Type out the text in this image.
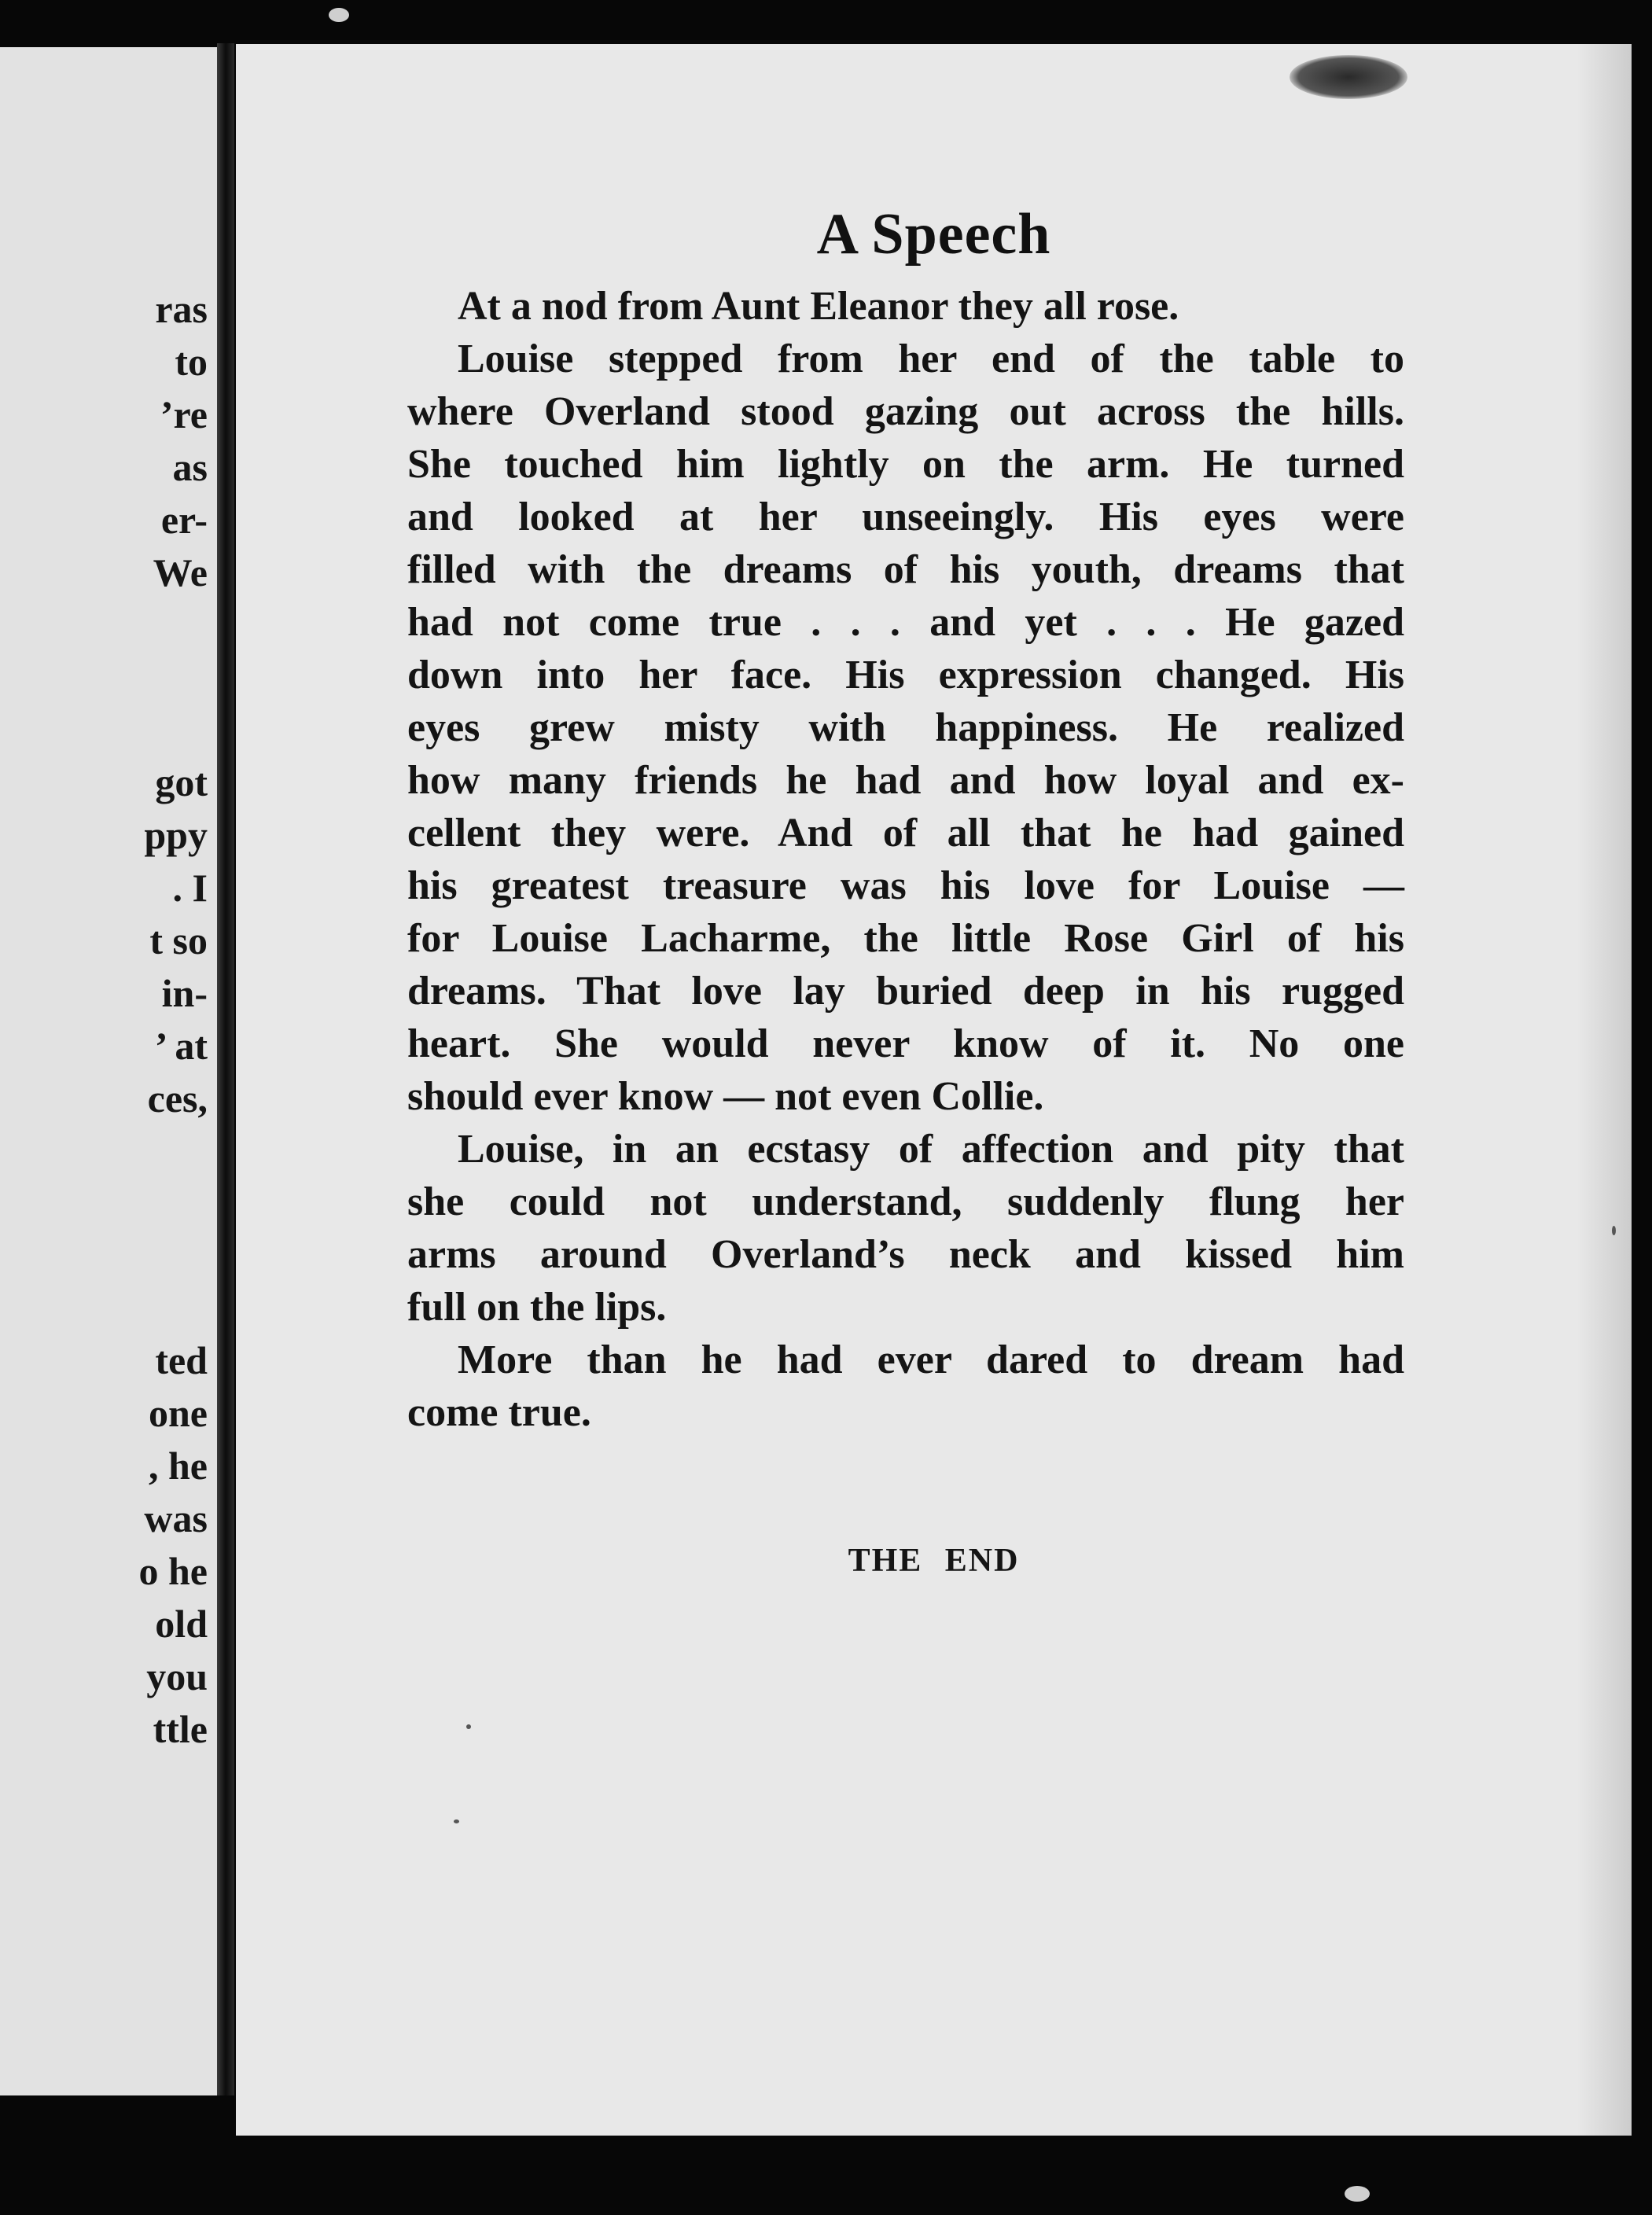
ras
to
’re
as
er-
We
got
ppy
. I
t so
in-
’ at
ces,
ted
one
, he
was
o he
old
you
ttle
A Speech
At a nod from Aunt Eleanor they all rose.
Louise stepped from her end of the table to
where Overland stood gazing out across the hills.
She touched him lightly on the arm. He turned
and looked at her unseeingly. His eyes were
filled with the dreams of his youth, dreams that
had not come true . . . and yet . . . He gazed
down into her face. His expression changed. His
eyes grew misty with happiness. He realized
how many friends he had and how loyal and ex-
cellent they were. And of all that he had gained
his greatest treasure was his love for Louise —
for Louise Lacharme, the little Rose Girl of his
dreams. That love lay buried deep in his rugged
heart. She would never know of it. No one
should ever know — not even Collie.
Louise, in an ecstasy of affection and pity that
she could not understand, suddenly flung her
arms around Overland’s neck and kissed him
full on the lips.
More than he had ever dared to dream had
come true.

THE END
